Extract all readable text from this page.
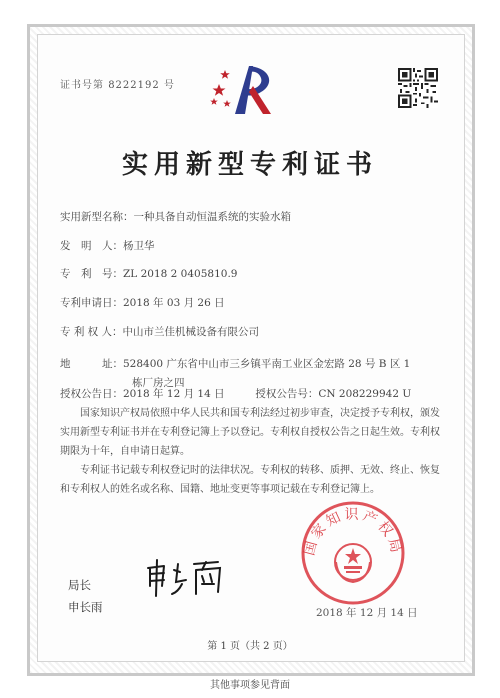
证书号第 8222192 号
实用新型专利证书
实用新型名称：一种具备自动恒温系统的实验水箱
发　明　人：杨卫华
专　利　号：ZL 2018 2 0405810.9
专利申请日：2018 年 03 月 26 日
专 利 权 人：中山市兰佳机械设备有限公司
地　　　址：528400 广东省中山市三乡镇平南工业区金宏路 28 号 B 区 1
栋厂房之四
授权公告日：2018 年 12 月 14 日	授权公告号：CN 208229942 U

国家知识产权局依照中华人民共和国专利法经过初步审查，决定授予专利权，颁发实用新型专利证书并在专利登记簿上予以登记。专利权自授权公告之日起生效。专利权期限为十年，自申请日起算。

专利证书记载专利权登记时的法律状况。专利权的转移、质押、无效、终止、恢复和专利权人的姓名或名称、国籍、地址变更等事项记载在专利登记簿上。

局长
申长雨
国家知识产权局
2018 年 12 月 14 日
第 1 页（共 2 页）
其他事项参见背面
